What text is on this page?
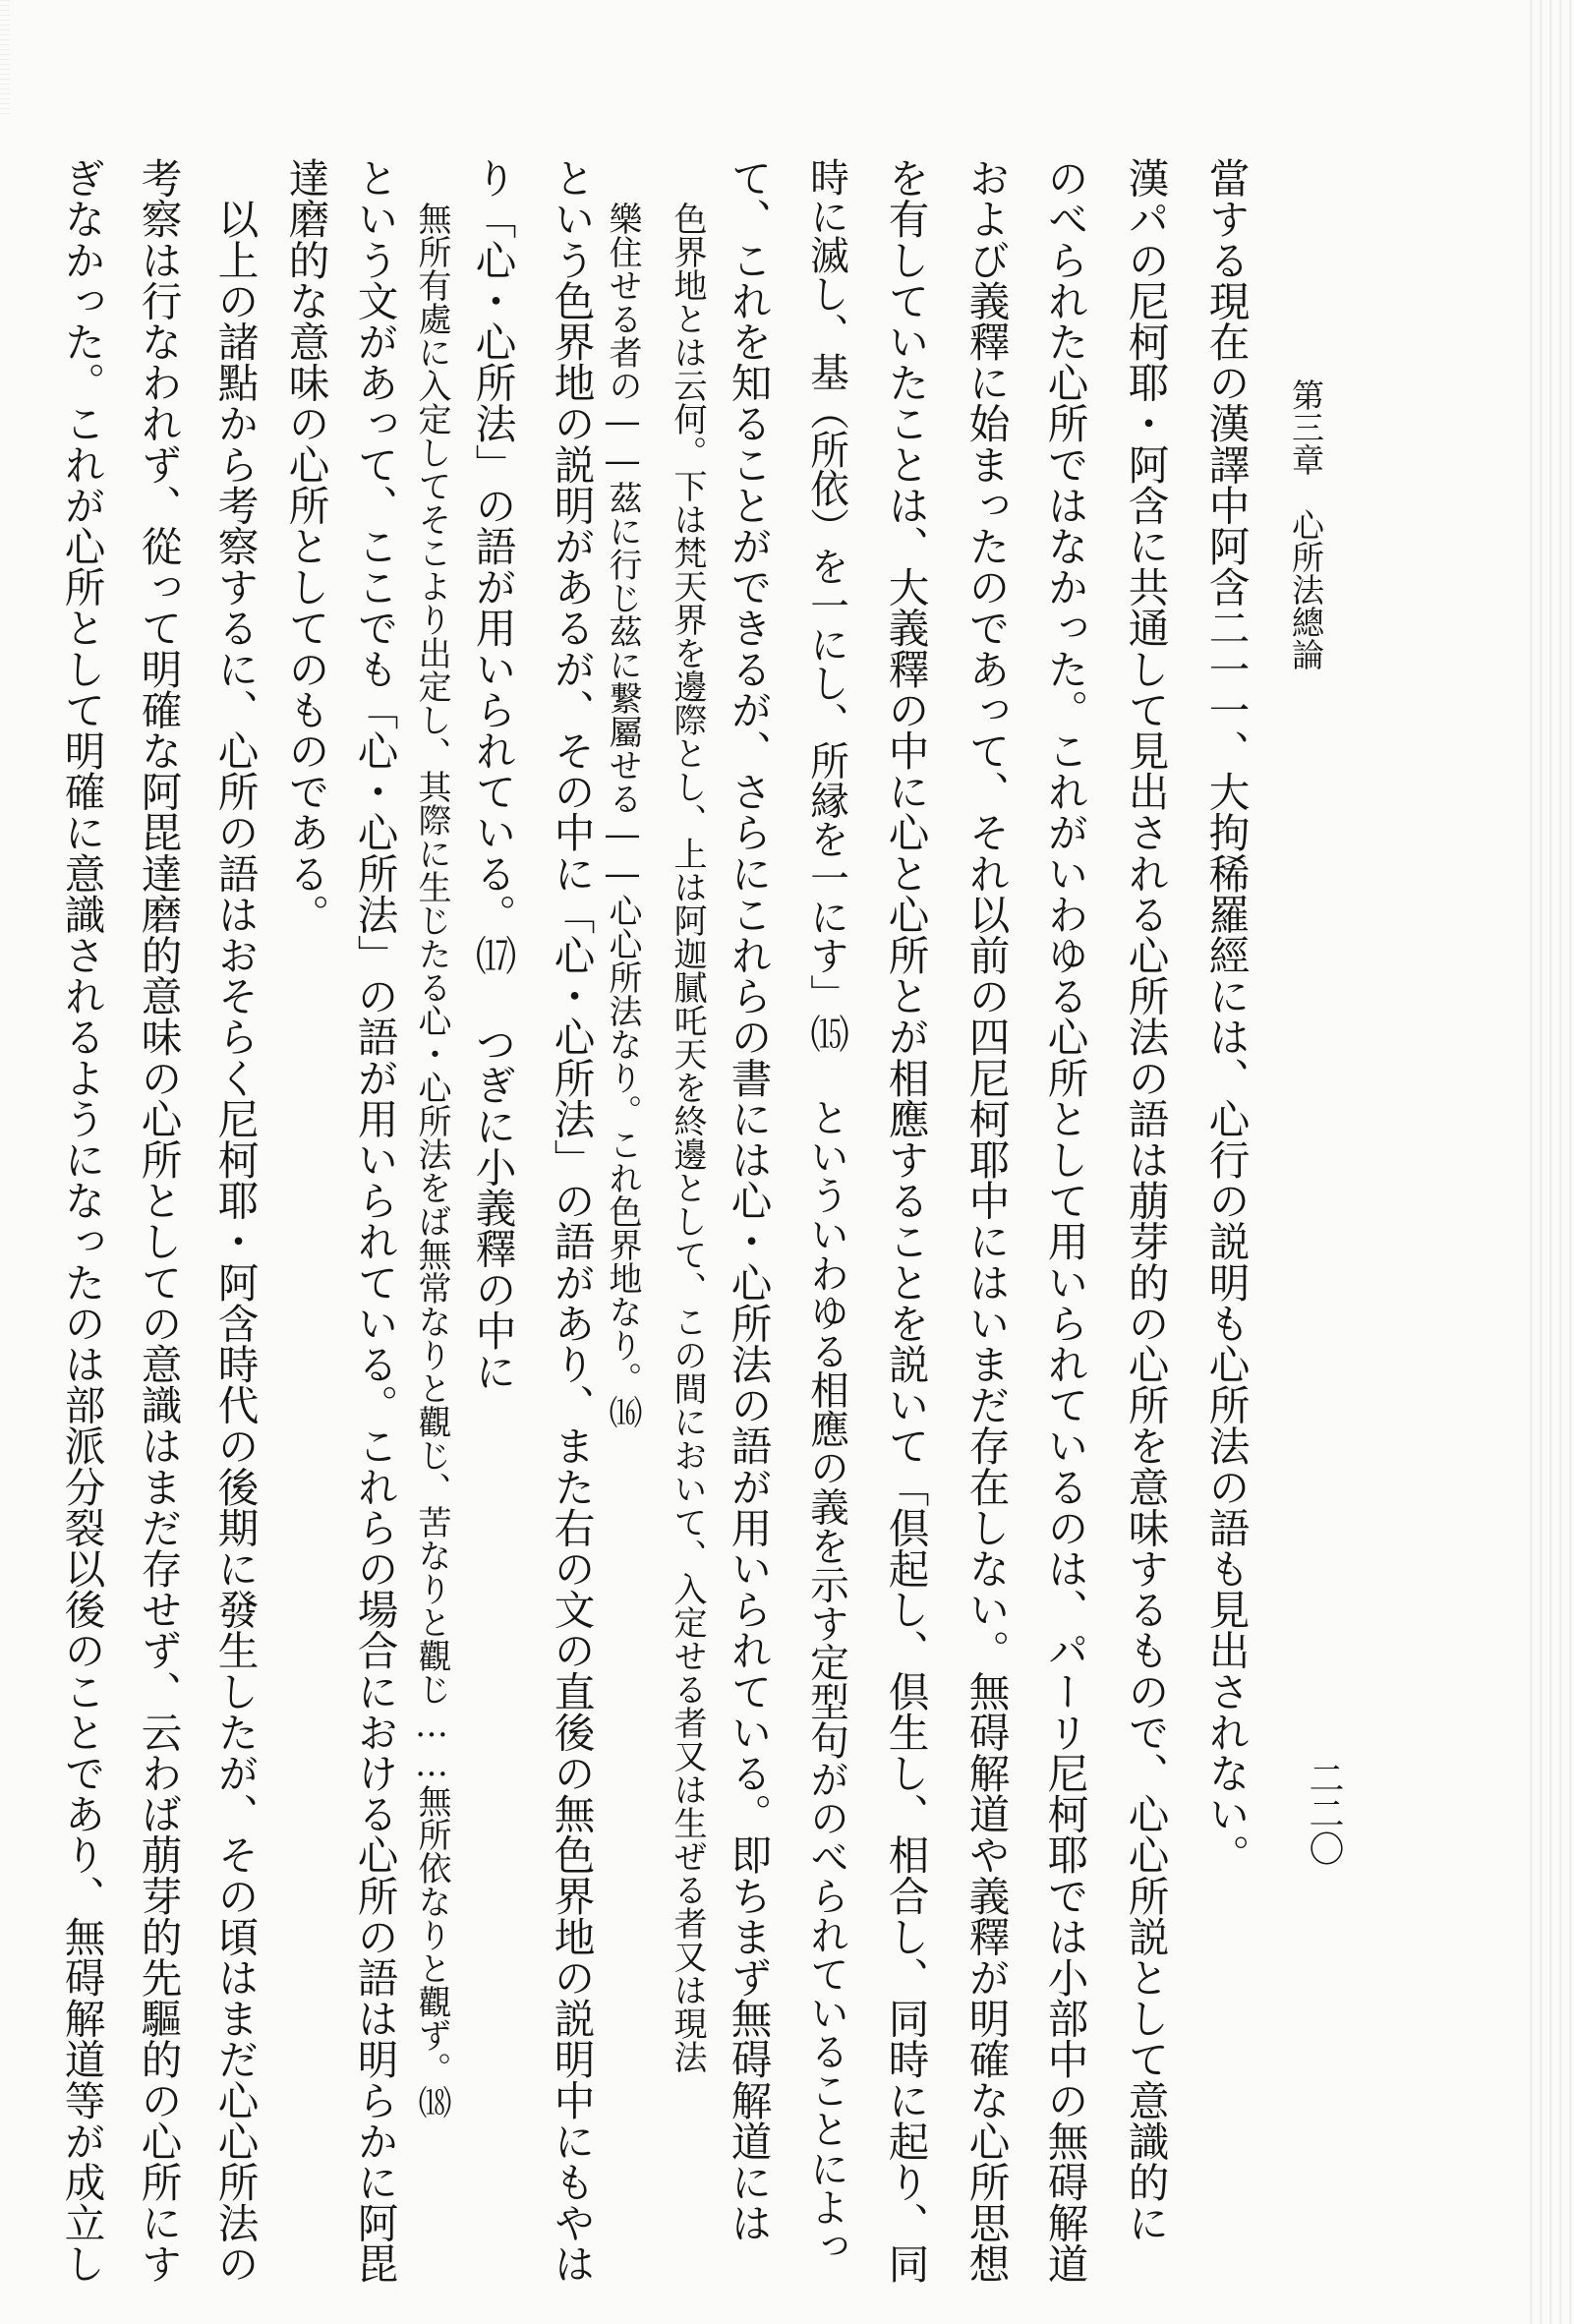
第三章　心所法總論
二二〇
當する現在の漢譯中阿含二一一、大拘稀羅經には、心行の説明も心所法の語も見出されない。
漢パの尼柯耶・阿含に共通して見出される心所法の語は萠芽的の心所を意味するもので、心心所説として意識的に
のべられた心所ではなかった。これがいわゆる心所として用いられているのは、パーリ尼柯耶では小部中の無碍解道
および義釋に始まったのであって、それ以前の四尼柯耶中にはいまだ存在しない。無碍解道や義釋が明確な心所思想
を有していたことは、大義釋の中に心と心所とが相應することを説いて「倶起し、倶生し、相合し、同時に起り、同
時に滅し、基（所依）を一にし、所縁を一にす」⒂ といういわゆる相應の義を示す定型句がのべられていることによっ
て、これを知ることができるが、さらにこれらの書には心・心所法の語が用いられている。即ちまず無碍解道には
色界地とは云何。下は梵天界を邊際とし、上は阿迦膩吒天を終邊として、この間において、入定せる者又は生ぜる者又は現法
樂住せる者の――茲に行じ茲に繋屬せる――心心所法なり。これ色界地なり。⒃
という色界地の説明があるが、その中に「心・心所法」の語があり、また右の文の直後の無色界地の説明中にもやは
り「心・心所法」の語が用いられている。⒄ つぎに小義釋の中に
無所有處に入定してそこより出定し、其際に生じたる心・心所法をば無常なりと觀じ、苦なりと觀じ……無所依なりと觀ず。⒅
という文があって、ここでも「心・心所法」の語が用いられている。これらの場合における心所の語は明らかに阿毘
達磨的な意味の心所としてのものである。
　以上の諸點から考察するに、心所の語はおそらく尼柯耶・阿含時代の後期に發生したが、その頃はまだ心心所法の
考察は行なわれず、從って明確な阿毘達磨的意味の心所としての意識はまだ存せず、云わば萠芽的先驅的の心所にす
ぎなかった。これが心所として明確に意識されるようになったのは部派分裂以後のことであり、無碍解道等が成立し
